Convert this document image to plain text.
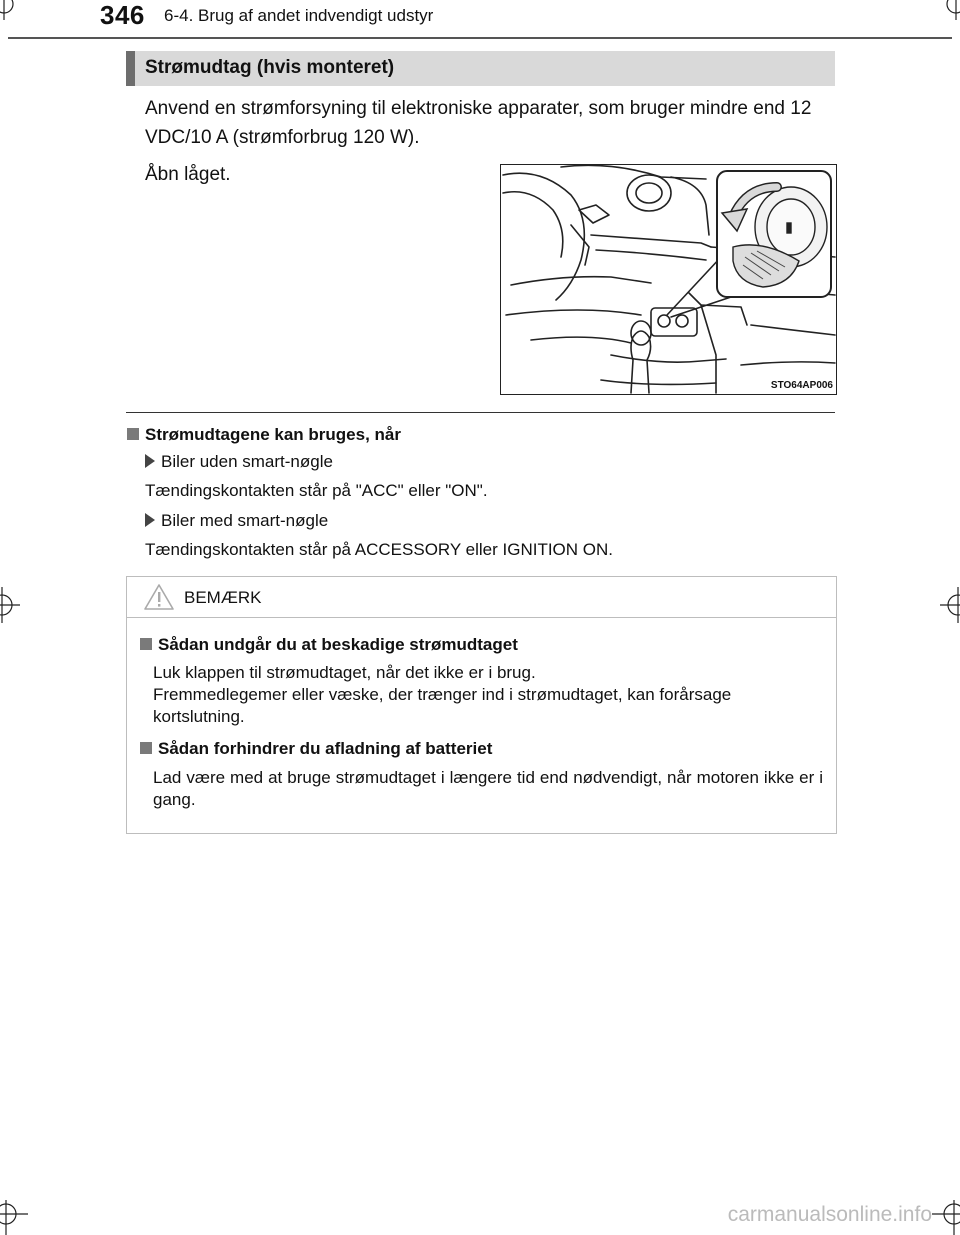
346 6-4. Brug af andet indvendigt udstyr
Strømudtag (hvis monteret)
Anvend en strømforsyning til elektroniske apparater, som bruger mindre end 12 VDC/10 A (strømforbrug 120 W).
Åbn låget.
STO64AP006
Strømudtagene kan bruges, når
Biler uden smart-nøgle
Tændingskontakten står på "ACC" eller "ON".
Biler med smart-nøgle
Tændingskontakten står på ACCESSORY eller IGNITION ON.
BEMÆRK
Sådan undgår du at beskadige strømudtaget
Luk klappen til strømudtaget, når det ikke er i brug.
Fremmedlegemer eller væske, der trænger ind i strømudtaget, kan forårsage kortslutning.
Sådan forhindrer du afladning af batteriet
Lad være med at bruge strømudtaget i længere tid end nødvendigt, når motoren ikke er i gang.
carmanualsonline.info
